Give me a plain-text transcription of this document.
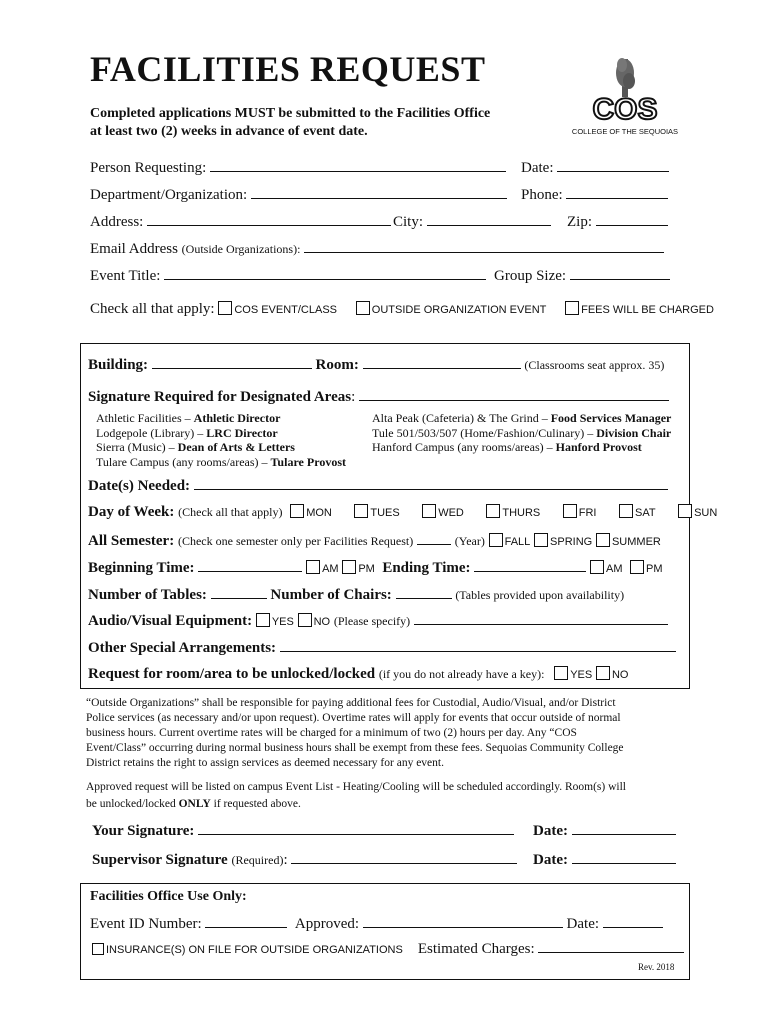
FACILITIES REQUEST
Completed applications MUST be submitted to the Facilities Office
at least two (2) weeks in advance of event date.
COS
COLLEGE OF THE SEQUOIAS
Person Requesting:	Date:
Department/Organization:	Phone:
Address:	City:	Zip:
Email Address (Outside Organizations):
Event Title:	Group Size:
Check all that apply: COS EVENT/CLASS	OUTSIDE ORGANIZATION EVENT	FEES WILL BE CHARGED
Building:	Room:	(Classrooms seat approx. 35)
Signature Required for Designated Areas:
Athletic Facilities – Athletic Director
Lodgepole (Library) – LRC Director
Sierra (Music) – Dean of Arts & Letters
Tulare Campus (any rooms/areas) – Tulare Provost
Alta Peak (Cafeteria) & The Grind – Food Services Manager
Tule 501/503/507 (Home/Fashion/Culinary) – Division Chair
Hanford Campus (any rooms/areas) – Hanford Provost
Date(s) Needed:
Day of Week: (Check all that apply) MON	TUES	WED	THURS	FRI	SAT	SUN
All Semester: (Check one semester only per Facilities Request)	(Year) FALL SPRING SUMMER
Beginning Time:	AM PM Ending Time:	AM PM
Number of Tables:	Number of Chairs:	(Tables provided upon availability)
Audio/Visual Equipment: YES NO (Please specify)
Other Special Arrangements:
Request for room/area to be unlocked/locked (if you do not already have a key): YES NO
“Outside Organizations” shall be responsible for paying additional fees for Custodial, Audio/Visual, and/or District
Police services (as necessary and/or upon request). Overtime rates will apply for events that occur outside of normal
business hours. Current overtime rates will be charged for a minimum of two (2) hours per day. Any “COS
Event/Class” occurring during normal business hours shall be exempt from these fees. Sequoias Community College
District retains the right to assign services as deemed necessary for any event.
Approved request will be listed on campus Event List - Heating/Cooling will be scheduled accordingly. Room(s) will
be unlocked/locked ONLY if requested above.
Your Signature:	Date:
Supervisor Signature (Required):	Date:
Facilities Office Use Only:
Event ID Number:	Approved:	Date:
INSURANCE(S) ON FILE FOR OUTSIDE ORGANIZATIONS Estimated Charges:
Rev. 2018
